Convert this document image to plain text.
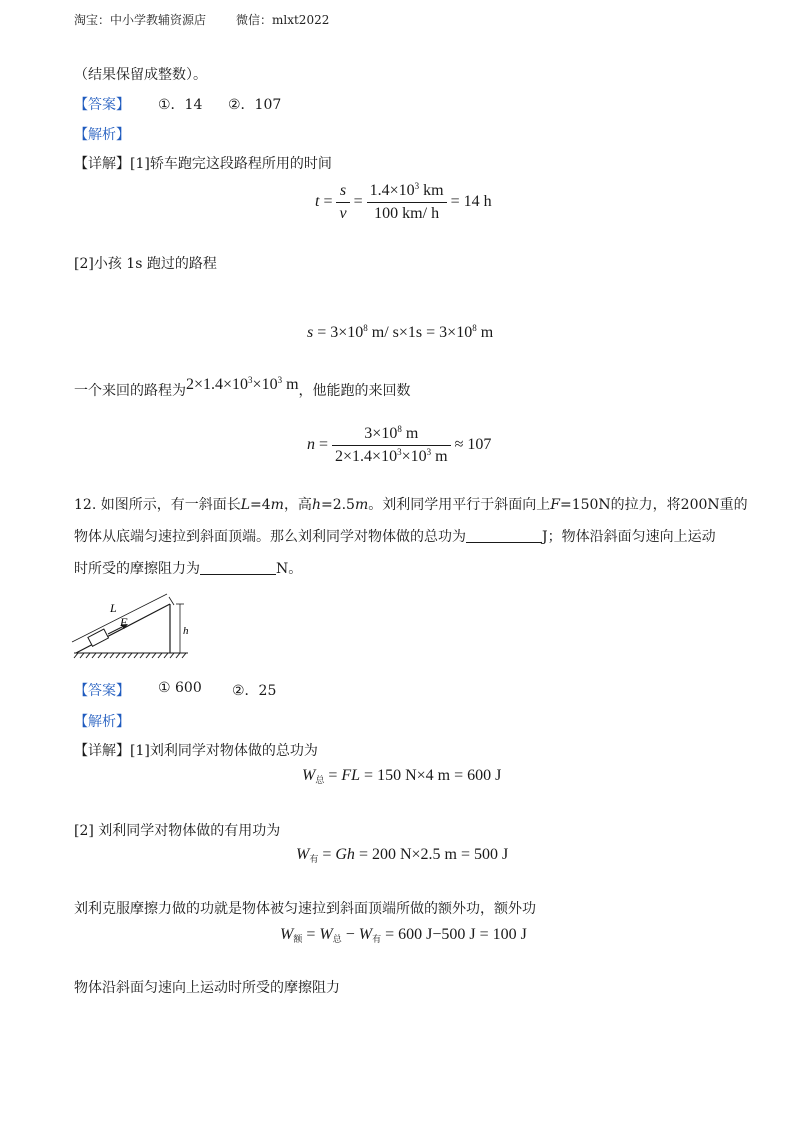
淘宝：中小学教辅资源店 微信：mlxt2022
（结果保留成整数）。
【答案】 ①．14 ②．107
【解析】
【详解】[1]轿车跑完这段路程所用的时间
$t = \frac{s}{v} = \frac{1.4\times 10^3 km}{100 km/ h} = 14$ h
[2]小孩 1s 跑过的路程
$s = 3\times 10^8$ m/ $s\times 1s = 3\times 10^8$ m
一个来回的路程为$2\times 1.4\times 10^3\times 10^3$ m，他能跑的来回数
$n = \frac{3\times 10^8 m}{2\times 1.4\times 10^3\times 10^3 m} \approx 107$
12. 如图所示，有一斜面长L=4m，高h=2.5m。刘利同学用平行于斜面向上F=150N的拉力，将200N重的
物体从底端匀速拉到斜面顶端。那么刘利同学对物体做的总功为	J；物体沿斜面匀速向上运动
时所受的摩擦阻力为	N。
L
F
h
【答案】 ① 600 ②．25
【解析】
【详解】[1]刘利同学对物体做的总功为
$W_总$ = FL = 150 N×4 m = 600 J
[2] 刘利同学对物体做的有用功为
$W_有 = Gh = 200$ N×2.5 m = 500 J
刘利克服摩擦力做的功就是物体被匀速拉到斜面顶端所做的额外功，额外功
$W_额 = W_总 - W_有 = 600$ J−500 J = 100 J
物体沿斜面匀速向上运动时所受的摩擦阻力
